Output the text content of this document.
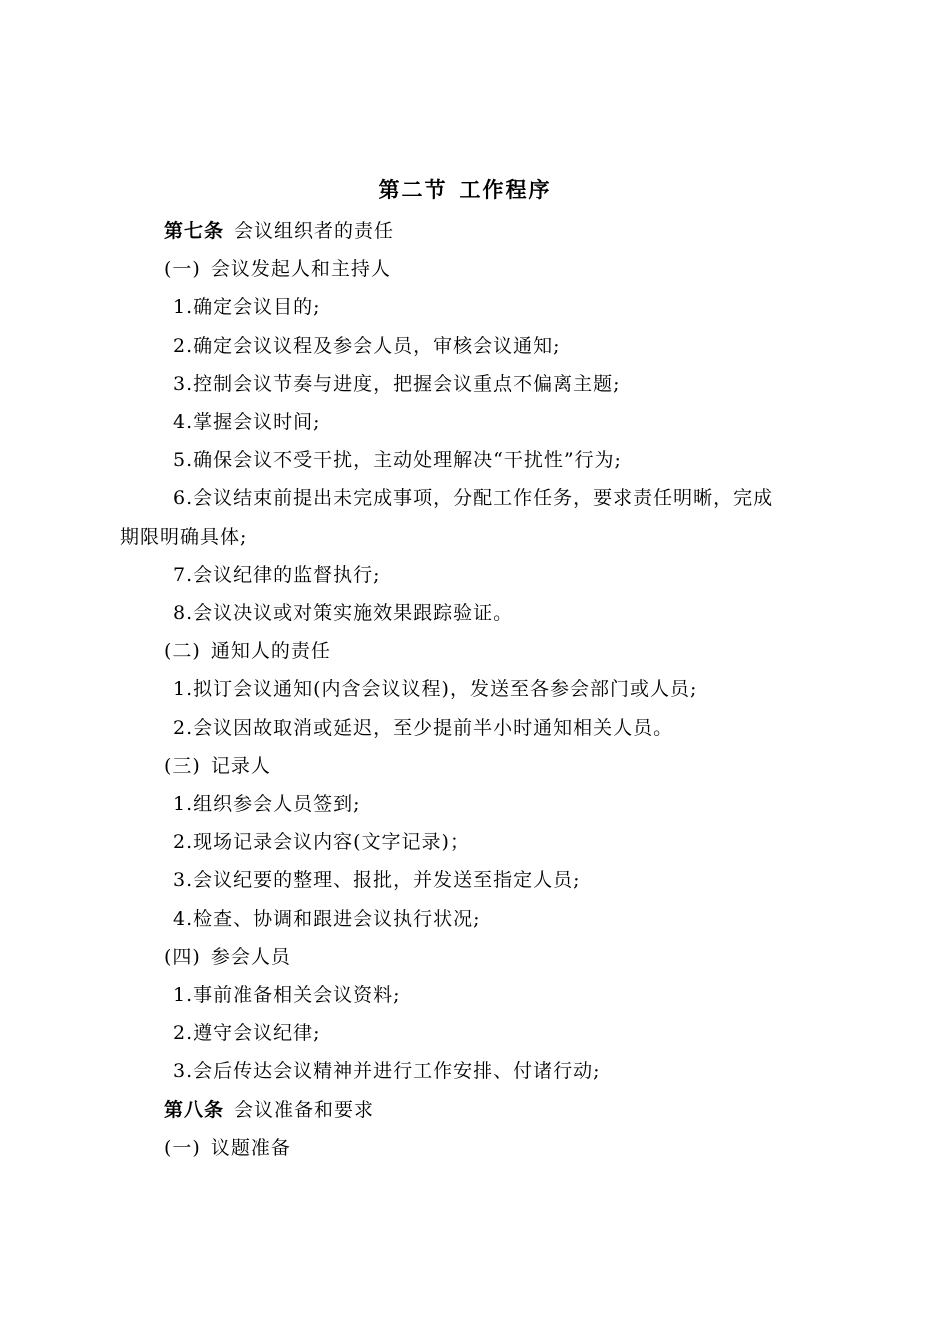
第二节 工作程序
第七条 会议组织者的责任
(一) 会议发起人和主持人
1.确定会议目的;
2.确定会议议程及参会人员，审核会议通知;
3.控制会议节奏与进度，把握会议重点不偏离主题;
4.掌握会议时间;
5.确保会议不受干扰，主动处理解决“干扰性”行为;
6.会议结束前提出未完成事项，分配工作任务，要求责任明晰，完成
期限明确具体;
7.会议纪律的监督执行;
8.会议决议或对策实施效果跟踪验证。
(二) 通知人的责任
1.拟订会议通知(内含会议议程)，发送至各参会部门或人员;
2.会议因故取消或延迟，至少提前半小时通知相关人员。
(三) 记录人
1.组织参会人员签到;
2.现场记录会议内容(文字记录)；
3.会议纪要的整理、报批，并发送至指定人员;
4.检查、协调和跟进会议执行状况;
(四) 参会人员
1.事前准备相关会议资料;
2.遵守会议纪律;
3.会后传达会议精神并进行工作安排、付诸行动;
第八条 会议准备和要求
(一) 议题准备
